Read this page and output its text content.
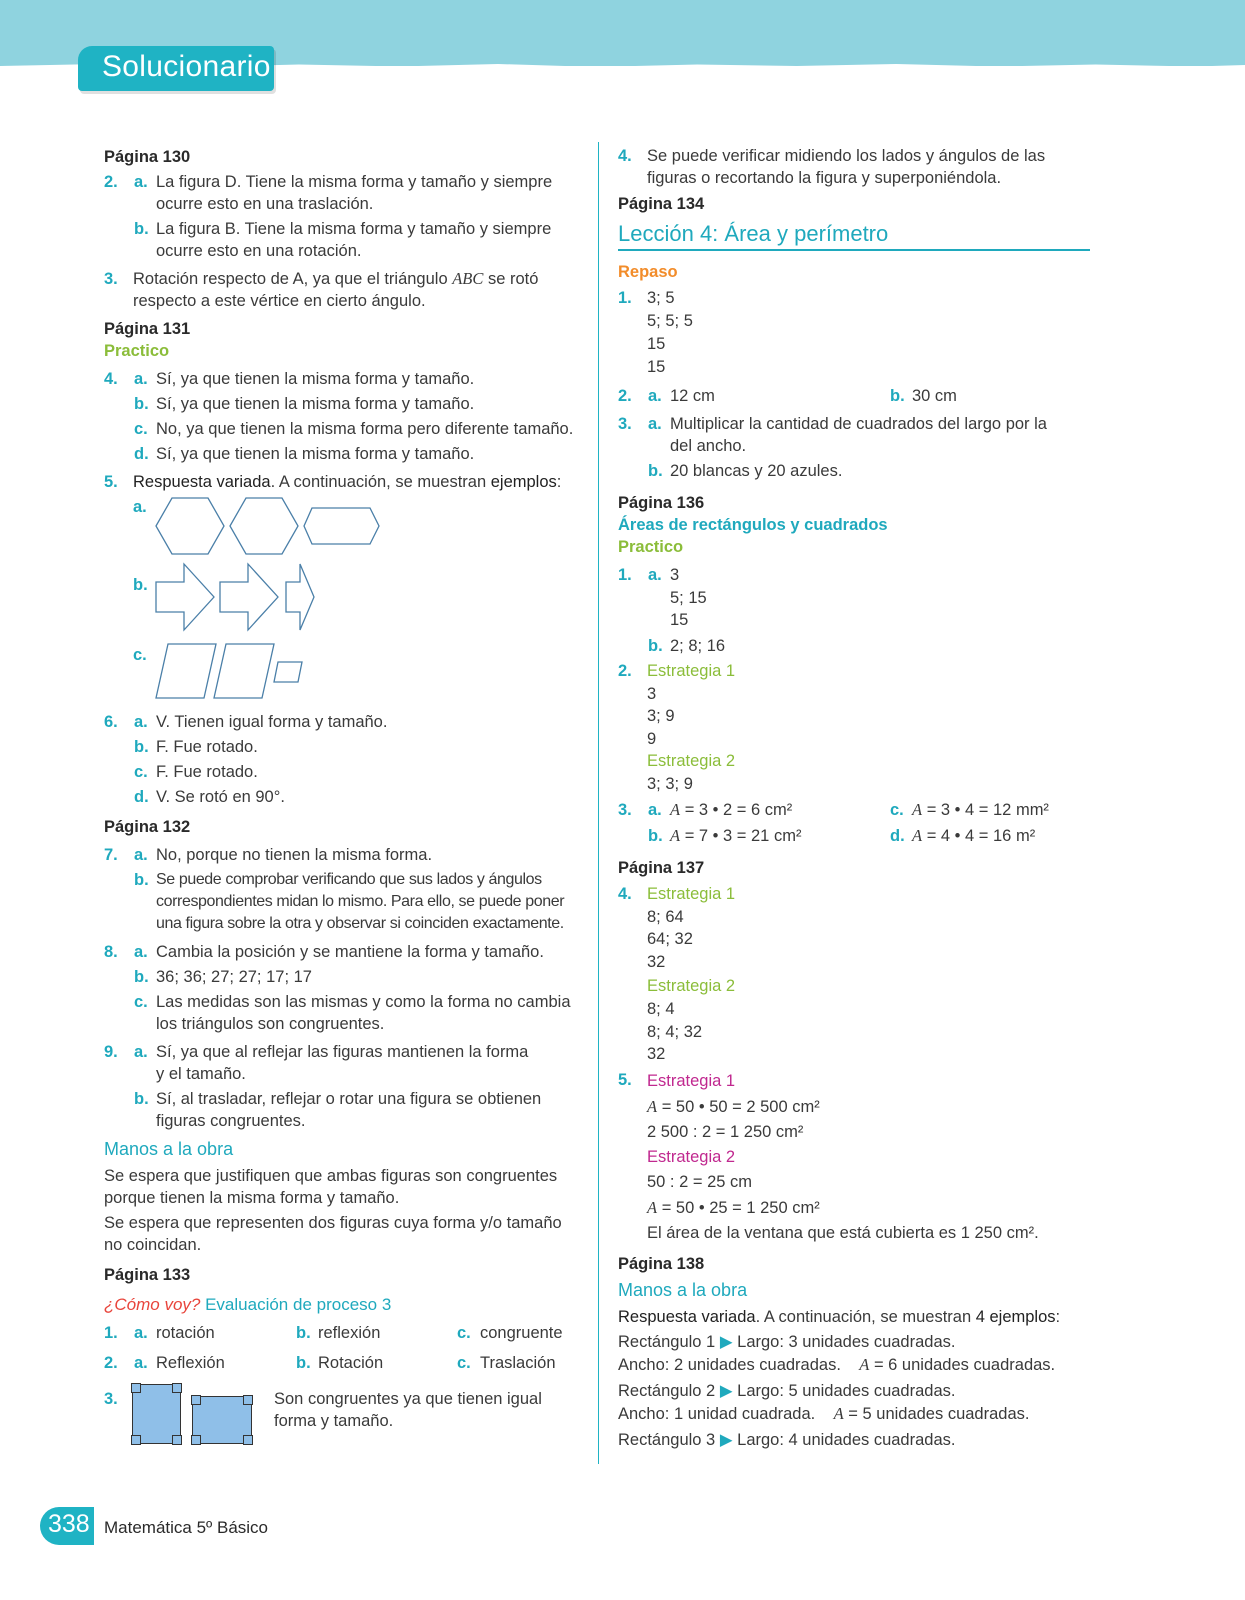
Solucionario
Página 130
2. a. La figura D. Tiene la misma forma y tamaño y siempre ocurre esto en una traslación.
b. La figura B. Tiene la misma forma y tamaño y siempre ocurre esto en una rotación.
3. Rotación respecto de A, ya que el triángulo ABC se rotó respecto a este vértice en cierto ángulo.
Página 131
Practico
4. a. Sí, ya que tienen la misma forma y tamaño.
b. Sí, ya que tienen la misma forma y tamaño.
c. No, ya que tienen la misma forma pero diferente tamaño.
d. Sí, ya que tienen la misma forma y tamaño.
5. Respuesta variada. A continuación, se muestran ejemplos:
a.
b.
c.
6. a. V. Tienen igual forma y tamaño.
b. F. Fue rotado.
c. F. Fue rotado.
d. V. Se rotó en 90°.
Página 132
7. a. No, porque no tienen la misma forma.
b. Se puede comprobar verificando que sus lados y ángulos correspondientes midan lo mismo. Para ello, se puede poner una figura sobre la otra y observar si coinciden exactamente.
8. a. Cambia la posición y se mantiene la forma y tamaño.
b. 36; 36; 27; 27; 17; 17
c. Las medidas son las mismas y como la forma no cambia los triángulos son congruentes.
9. a. Sí, ya que al reflejar las figuras mantienen la forma y el tamaño.
b. Sí, al trasladar, reflejar o rotar una figura se obtienen figuras congruentes.
Manos a la obra
Se espera que justifiquen que ambas figuras son congruentes porque tienen la misma forma y tamaño.
Se espera que representen dos figuras cuya forma y/o tamaño no coincidan.
Página 133
¿Cómo voy? Evaluación de proceso 3
1. a. rotación	b. reflexión	c. congruente
2. a. Reflexión	b. Rotación	c. Traslación
3.	Son congruentes ya que tienen igual forma y tamaño.
4. Se puede verificar midiendo los lados y ángulos de las figuras o recortando la figura y superponiéndola.
Página 134
Lección 4: Área y perímetro
Repaso
1. 3; 5
5; 5; 5
15
15
2. a. 12 cm	b. 30 cm
3. a. Multiplicar la cantidad de cuadrados del largo por la del ancho.
b. 20 blancas y 20 azules.
Página 136
Áreas de rectángulos y cuadrados
Practico
1. a. 3
5; 15
15
b. 2; 8; 16
2. Estrategia 1
3
3; 9
9
Estrategia 2
3; 3; 9
3. a. A = 3 • 2 = 6 cm²	c. A = 3 • 4 = 12 mm²
b. A = 7 • 3 = 21 cm²	d. A = 4 • 4 = 16 m²
Página 137
4. Estrategia 1
8; 64
64; 32
32
Estrategia 2
8; 4
8; 4; 32
32
5. Estrategia 1
A = 50 • 50 = 2 500 cm²
2 500 : 2 = 1 250 cm²
Estrategia 2
50 : 2 = 25 cm
A = 50 • 25 = 1 250 cm²
El área de la ventana que está cubierta es 1 250 cm².
Página 138
Manos a la obra
Respuesta variada. A continuación, se muestran 4 ejemplos:
Rectángulo 1 ▶ Largo: 3 unidades cuadradas.
Ancho: 2 unidades cuadradas. A = 6 unidades cuadradas.
Rectángulo 2 ▶ Largo: 5 unidades cuadradas.
Ancho: 1 unidad cuadrada. A = 5 unidades cuadradas.
Rectángulo 3 ▶ Largo: 4 unidades cuadradas.
338 Matemática 5º Básico
